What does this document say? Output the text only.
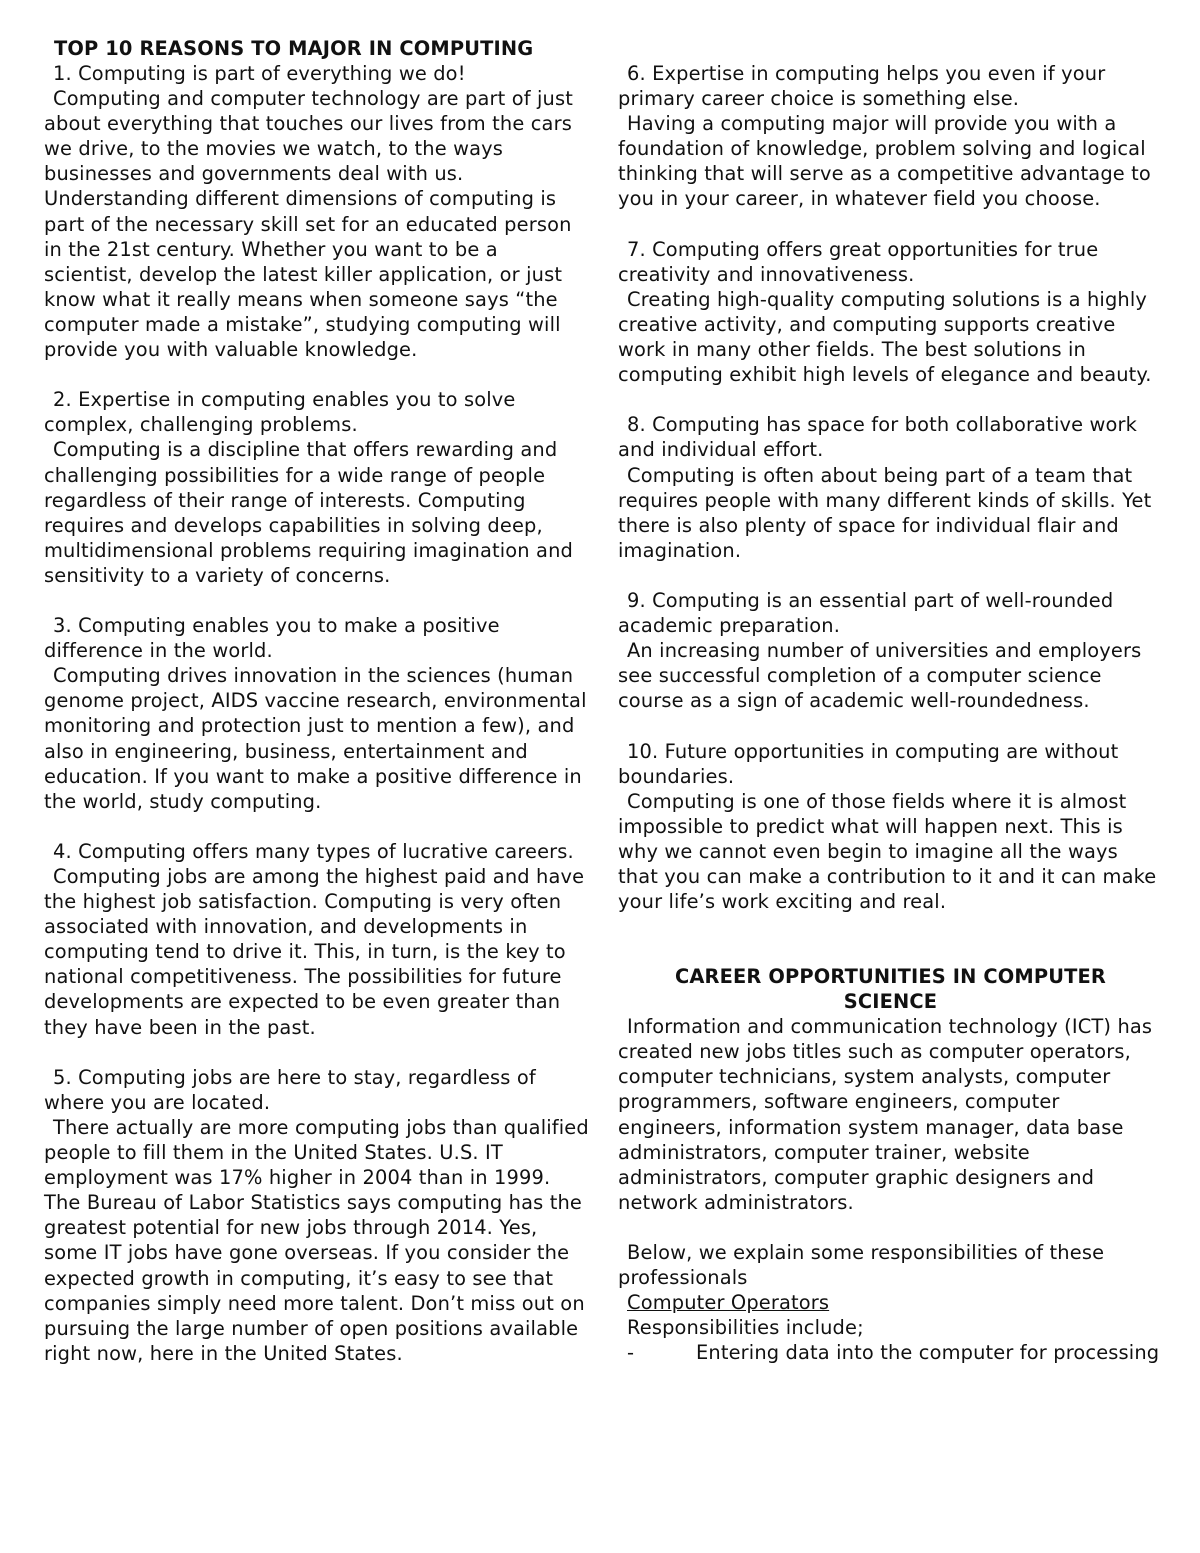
TOP 10 REASONS TO MAJOR IN COMPUTING

1. Computing is part of everything we do!

Computing and computer technology are part of just about everything that touches our lives from the cars we drive, to the movies we watch, to the ways businesses and governments deal with us. Understanding different dimensions of computing is part of the necessary skill set for an educated person in the 21st century. Whether you want to be a scientist, develop the latest killer application, or just know what it really means when someone says “the computer made a mistake”, studying computing will provide you with valuable knowledge.

2. Expertise in computing enables you to solve complex, challenging problems.

Computing is a discipline that offers rewarding and challenging possibilities for a wide range of people regardless of their range of interests. Computing requires and develops capabilities in solving deep, multidimensional problems requiring imagination and sensitivity to a variety of concerns.

3. Computing enables you to make a positive difference in the world.

Computing drives innovation in the sciences (human genome project, AIDS vaccine research, environmental monitoring and protection just to mention a few), and also in engineering, business, entertainment and education. If you want to make a positive difference in the world, study computing.

4. Computing offers many types of lucrative careers.

Computing jobs are among the highest paid and have the highest job satisfaction. Computing is very often associated with innovation, and developments in computing tend to drive it. This, in turn, is the key to national competitiveness. The possibilities for future developments are expected to be even greater than they have been in the past.

5. Computing jobs are here to stay, regardless of where you are located.

There actually are more computing jobs than qualified people to fill them in the United States. U.S. IT employment was 17% higher in 2004 than in 1999. The Bureau of Labor Statistics says computing has the greatest potential for new jobs through 2014. Yes, some IT jobs have gone overseas. If you consider the expected growth in computing, it’s easy to see that companies simply need more talent. Don’t miss out on pursuing the large number of open positions available right now, here in the United States.

6. Expertise in computing helps you even if your primary career choice is something else.

Having a computing major will provide you with a foundation of knowledge, problem solving and logical thinking that will serve as a competitive advantage to you in your career, in whatever field you choose.

7. Computing offers great opportunities for true creativity and innovativeness.

Creating high-quality computing solutions is a highly creative activity, and computing supports creative work in many other fields. The best solutions in computing exhibit high levels of elegance and beauty.

8. Computing has space for both collaborative work and individual effort.

Computing is often about being part of a team that requires people with many different kinds of skills. Yet there is also plenty of space for individual flair and imagination.

9. Computing is an essential part of well-rounded academic preparation.

An increasing number of universities and employers see successful completion of a computer science course as a sign of academic well-roundedness.

10. Future opportunities in computing are without boundaries.

Computing is one of those fields where it is almost impossible to predict what will happen next. This is why we cannot even begin to imagine all the ways that you can make a contribution to it and it can make your life’s work exciting and real.

CAREER OPPORTUNITIES IN COMPUTER

SCIENCE

Information and communication technology (ICT) has created new jobs titles such as computer operators, computer technicians, system analysts, computer programmers, software engineers, computer engineers, information system manager, data base administrators, computer trainer, website administrators, computer graphic designers and network administrators.

Below, we explain some responsibilities of these professionals

Computer Operators

Responsibilities include;

-	Entering data into the computer for processing
